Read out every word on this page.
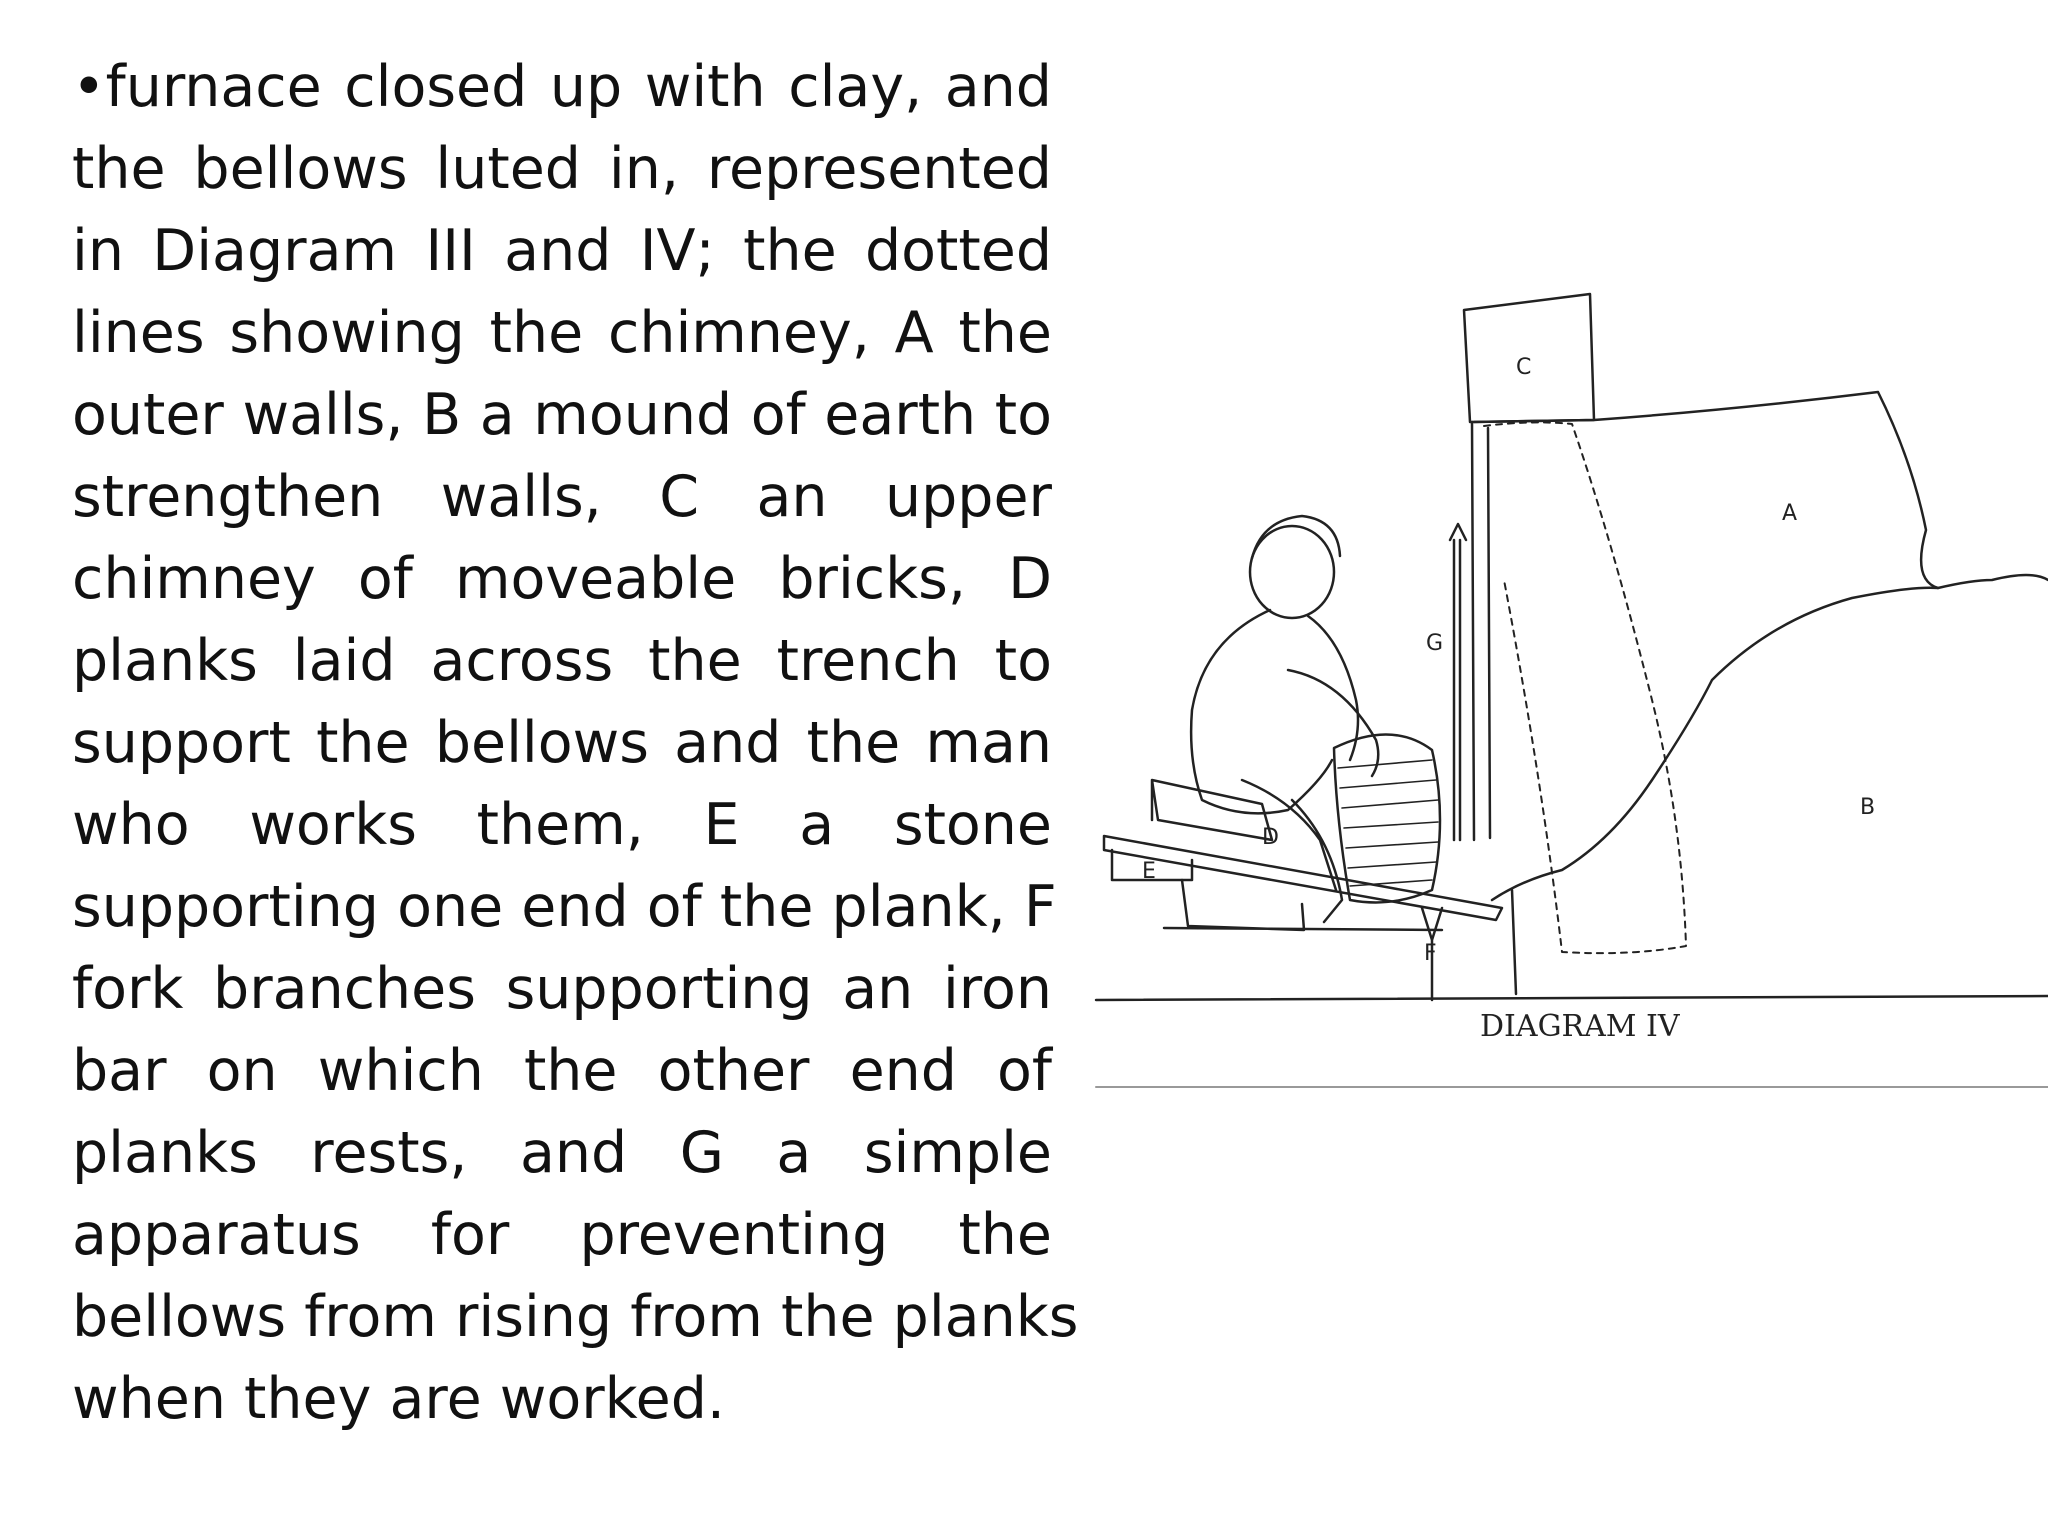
•furnace closed up with clay, and
the bellows luted in, represented
in Diagram III and IV; the dotted
lines showing the chimney, A the
outer walls, B a mound of earth to
strengthen walls, C an upper
chimney of moveable bricks, D
planks laid across the trench to
support the bellows and the man
who works them, E a stone
supporting one end of the plank, F
fork branches supporting an iron
bar on which the other end of
planks rests, and G a simple
apparatus for preventing the
bellows from rising from the planks
when they are worked.
C
A
B
G
D
E
F
DIAGRAM IV
